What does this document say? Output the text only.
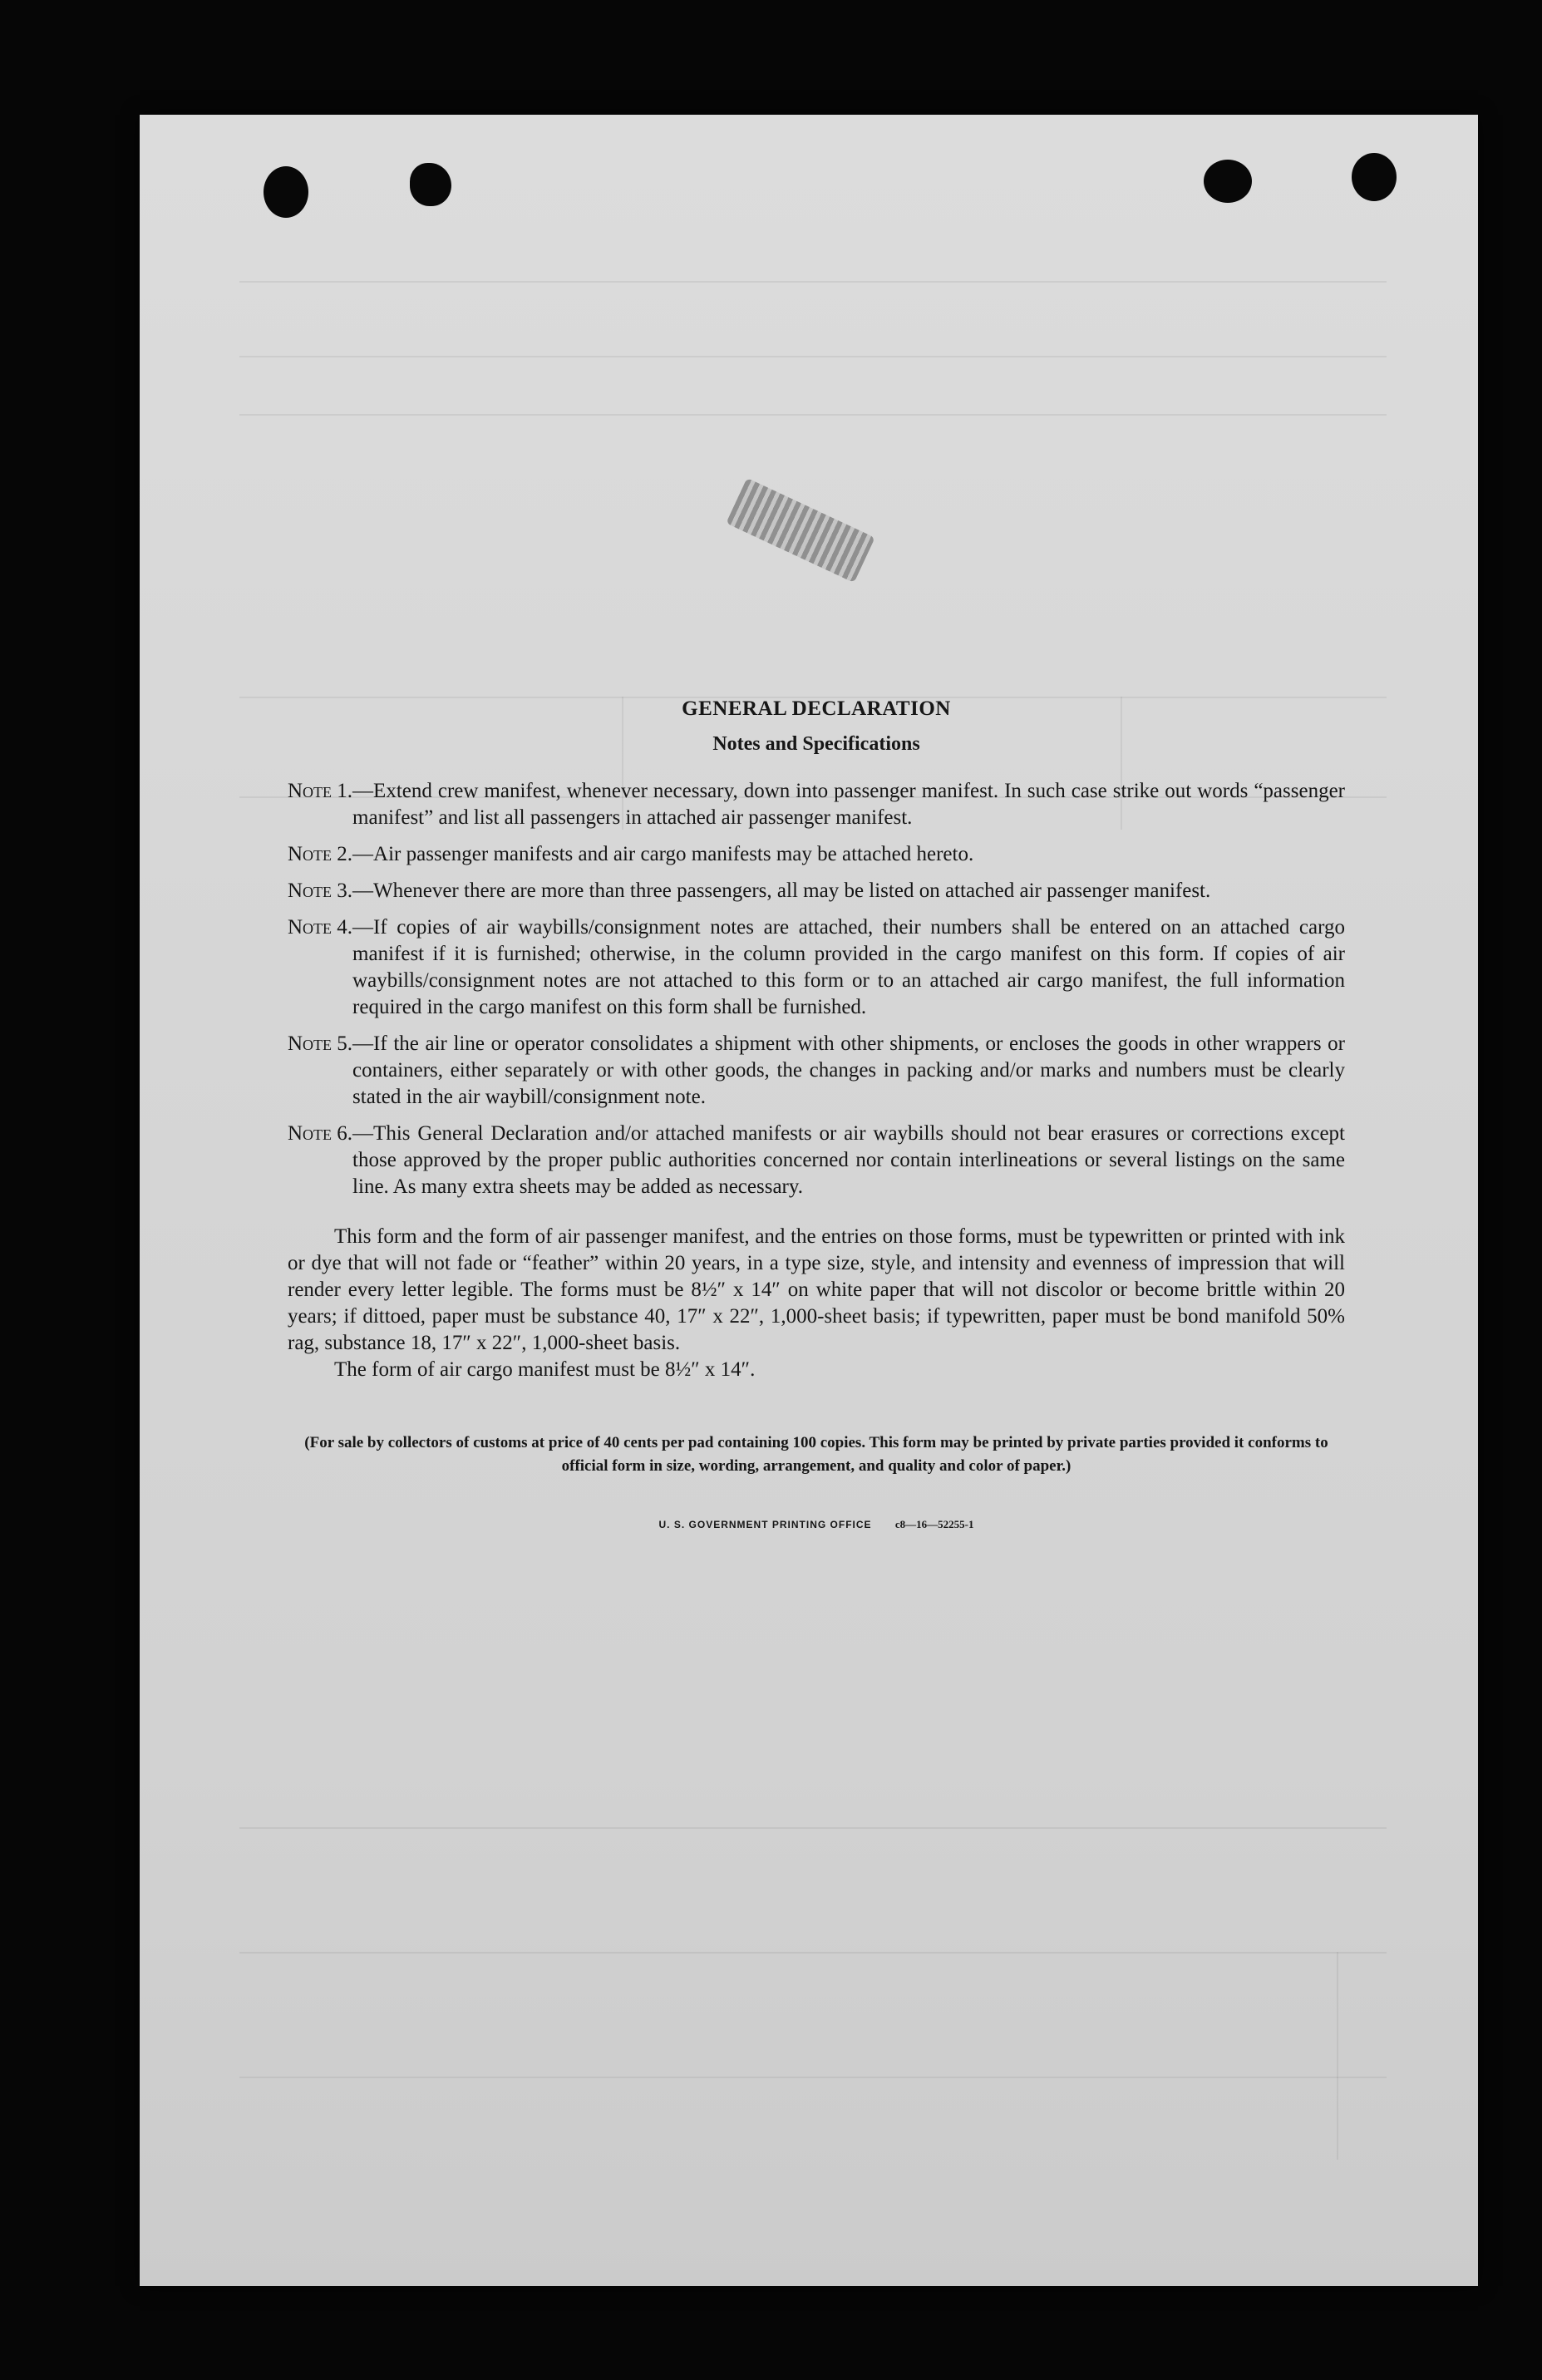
GENERAL DECLARATION
Notes and Specifications
Note 1. —Extend crew manifest, whenever necessary, down into passenger manifest. In such case strike out words “passenger manifest” and list all passengers in attached air passenger manifest.
Note 2. —Air passenger manifests and air cargo manifests may be attached hereto.
Note 3. —Whenever there are more than three passengers, all may be listed on attached air passenger manifest.
Note 4. —If copies of air waybills/consignment notes are attached, their numbers shall be entered on an attached cargo manifest if it is furnished; otherwise, in the column provided in the cargo manifest on this form. If copies of air waybills/consignment notes are not attached to this form or to an attached air cargo manifest, the full information required in the cargo manifest on this form shall be furnished.
Note 5. —If the air line or operator consolidates a shipment with other shipments, or encloses the goods in other wrappers or containers, either separately or with other goods, the changes in packing and/or marks and numbers must be clearly stated in the air waybill/consignment note.
Note 6. —This General Declaration and/or attached manifests or air waybills should not bear erasures or corrections except those approved by the proper public authorities concerned nor contain interlineations or several listings on the same line. As many extra sheets may be added as necessary.

This form and the form of air passenger manifest, and the entries on those forms, must be typewritten or printed with ink or dye that will not fade or “feather” within 20 years, in a type size, style, and intensity and evenness of impression that will render every letter legible. The forms must be 8½″ x 14″ on white paper that will not discolor or become brittle within 20 years; if dittoed, paper must be substance 40, 17″ x 22″, 1,000-sheet basis; if typewritten, paper must be bond manifold 50% rag, substance 18, 17″ x 22″, 1,000-sheet basis.

The form of air cargo manifest must be 8½″ x 14″.

(For sale by collectors of customs at price of 40 cents per pad containing 100 copies. This form may be printed by private parties provided it conforms to official form in size, wording, arrangement, and quality and color of paper.)
U. S. GOVERNMENT PRINTING OFFICE c8—16—52255-1
